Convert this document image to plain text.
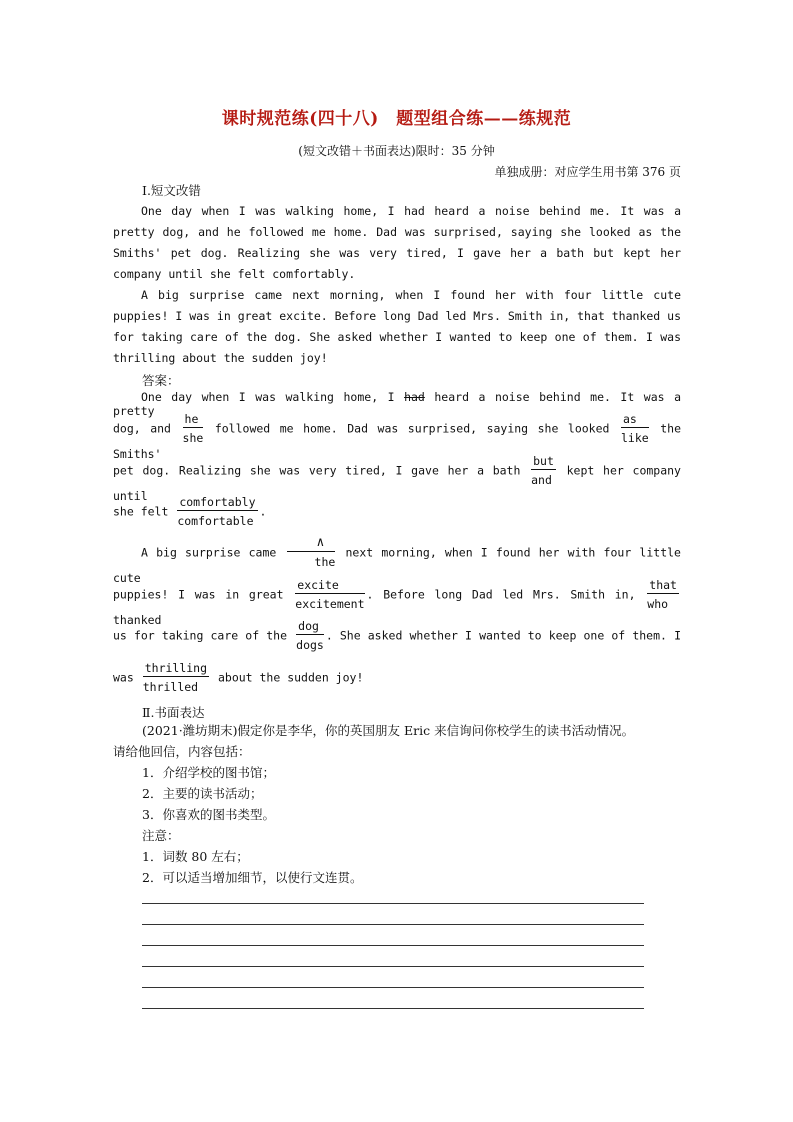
课时规范练(四十八)　题型组合练——练规范
(短文改错＋书面表达)限时：35 分钟
单独成册：对应学生用书第 376 页
Ⅰ.短文改错
One day when I was walking home, I had heard a noise behind me. It was a pretty dog, and he followed me home. Dad was surprised, saying she looked as the Smiths' pet dog. Realizing she was very tired, I gave her a bath but kept her company until she felt comfortably.
A big surprise came next morning, when I found her with four little cute puppies! I was in great excite. Before long Dad led Mrs. Smith in, that thanked us for taking care of the dog. She asked whether I wanted to keep one of them. I was thrilling about the sudden joy!
答案：
One day when I was walking home, I had heard a noise behind me. It was a pretty
dog, and
he
she
followed me home. Dad was surprised, saying she looked
as
like
the Smiths'
pet dog. Realizing she was very tired, I gave her a bath
but
and
kept her company until
she felt
comfortably
comfortable
.
A big surprise came
∧
the
next morning, when I found her with four little cute
puppies! I was in great
excite
excitement
. Before long Dad led Mrs. Smith in,
that
who
thanked
us for taking care of the
dog
dogs
. She asked whether I wanted to keep one of them. I
was
thrilling
thrilled
about the sudden joy!
Ⅱ.书面表达
(2021·潍坊期末)假定你是李华，你的英国朋友 Eric 来信询问你校学生的读书活动情况。
请给他回信，内容包括：
1．介绍学校的图书馆；
2．主要的读书活动；
3．你喜欢的图书类型。
注意：
1．词数 80 左右；
2．可以适当增加细节，以使行文连贯。
